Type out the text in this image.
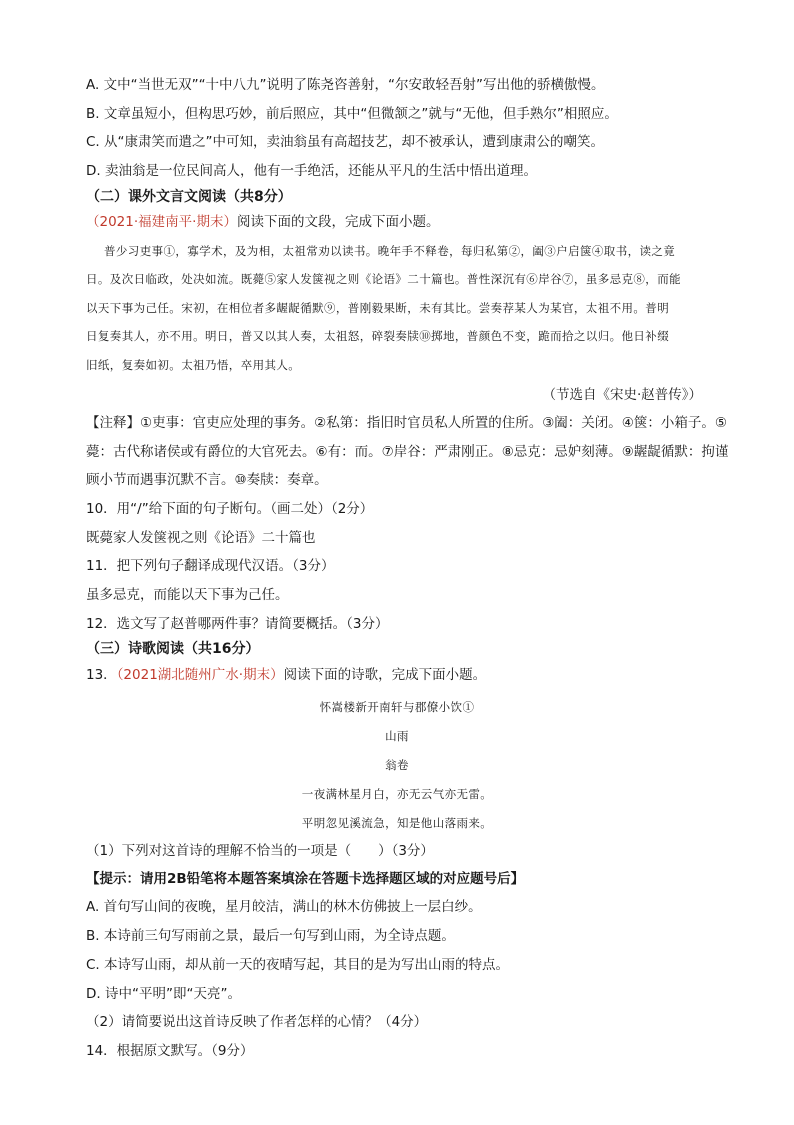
A. 文中“当世无双”“十中八九”说明了陈尧咨善射，“尔安敢轻吾射”写出他的骄横傲慢。
B. 文章虽短小，但构思巧妙，前后照应，其中“但微颔之”就与“无他，但手熟尔”相照应。
C. 从“康肃笑而遣之”中可知，卖油翁虽有高超技艺，却不被承认，遭到康肃公的嘲笑。
D. 卖油翁是一位民间高人，他有一手绝活，还能从平凡的生活中悟出道理。
（二）课外文言文阅读（共8分）
（2021·福建南平·期末）阅读下面的文段，完成下面小题。
普少习吏事①，寡学术，及为相，太祖常劝以读书。晚年手不释卷，每归私第②，阖③户启箧④取书，读之竟
日。及次日临政，处决如流。既薨⑤家人发箧视之则《论语》二十篇也。普性深沉有⑥岸谷⑦，虽多忌克⑧，而能
以天下事为己任。宋初，在相位者多龌龊循默⑨，普刚毅果断，未有其比。尝奏荐某人为某官，太祖不用。普明
日复奏其人，亦不用。明日，普又以其人奏，太祖怒，碎裂奏牍⑩掷地，普颜色不变，跪而拾之以归。他日补缀
旧纸，复奏如初。太祖乃悟，卒用其人。
（节选自《宋史·赵普传》）
【注释】①吏事：官吏应处理的事务。②私第：指旧时官员私人所置的住所。③阖：关闭。④箧：小箱子。⑤
薨：古代称诸侯或有爵位的大官死去。⑥有：而。⑦岸谷：严肃刚正。⑧忌克：忌妒刻薄。⑨龌龊循默：拘谨
顾小节而遇事沉默不言。⑩奏牍：奏章。
10．用“/”给下面的句子断句。（画二处）（2分）
既薨家人发箧视之则《论语》二十篇也
11．把下列句子翻译成现代汉语。（3分）
虽多忌克，而能以天下事为己任。
12．选文写了赵普哪两件事？请简要概括。（3分）
（三）诗歌阅读（共16分）
13．（2021湖北随州广水·期末）阅读下面的诗歌，完成下面小题。
怀嵩楼新开南轩与郡僚小饮①
山雨
翁卷
一夜满林星月白，亦无云气亦无雷。
平明忽见溪流急，知是他山落雨来。
（1）下列对这首诗的理解不恰当的一项是（　　）（3分）
【提示：请用2B铅笔将本题答案填涂在答题卡选择题区域的对应题号后】
A. 首句写山间的夜晚，星月皎洁，满山的林木仿佛披上一层白纱。
B. 本诗前三句写雨前之景，最后一句写到山雨，为全诗点题。
C. 本诗写山雨，却从前一天的夜晴写起，其目的是为写出山雨的特点。
D. 诗中“平明”即“天亮”。
（2）请简要说出这首诗反映了作者怎样的心情？（4分）
14．根据原文默写。（9分）
